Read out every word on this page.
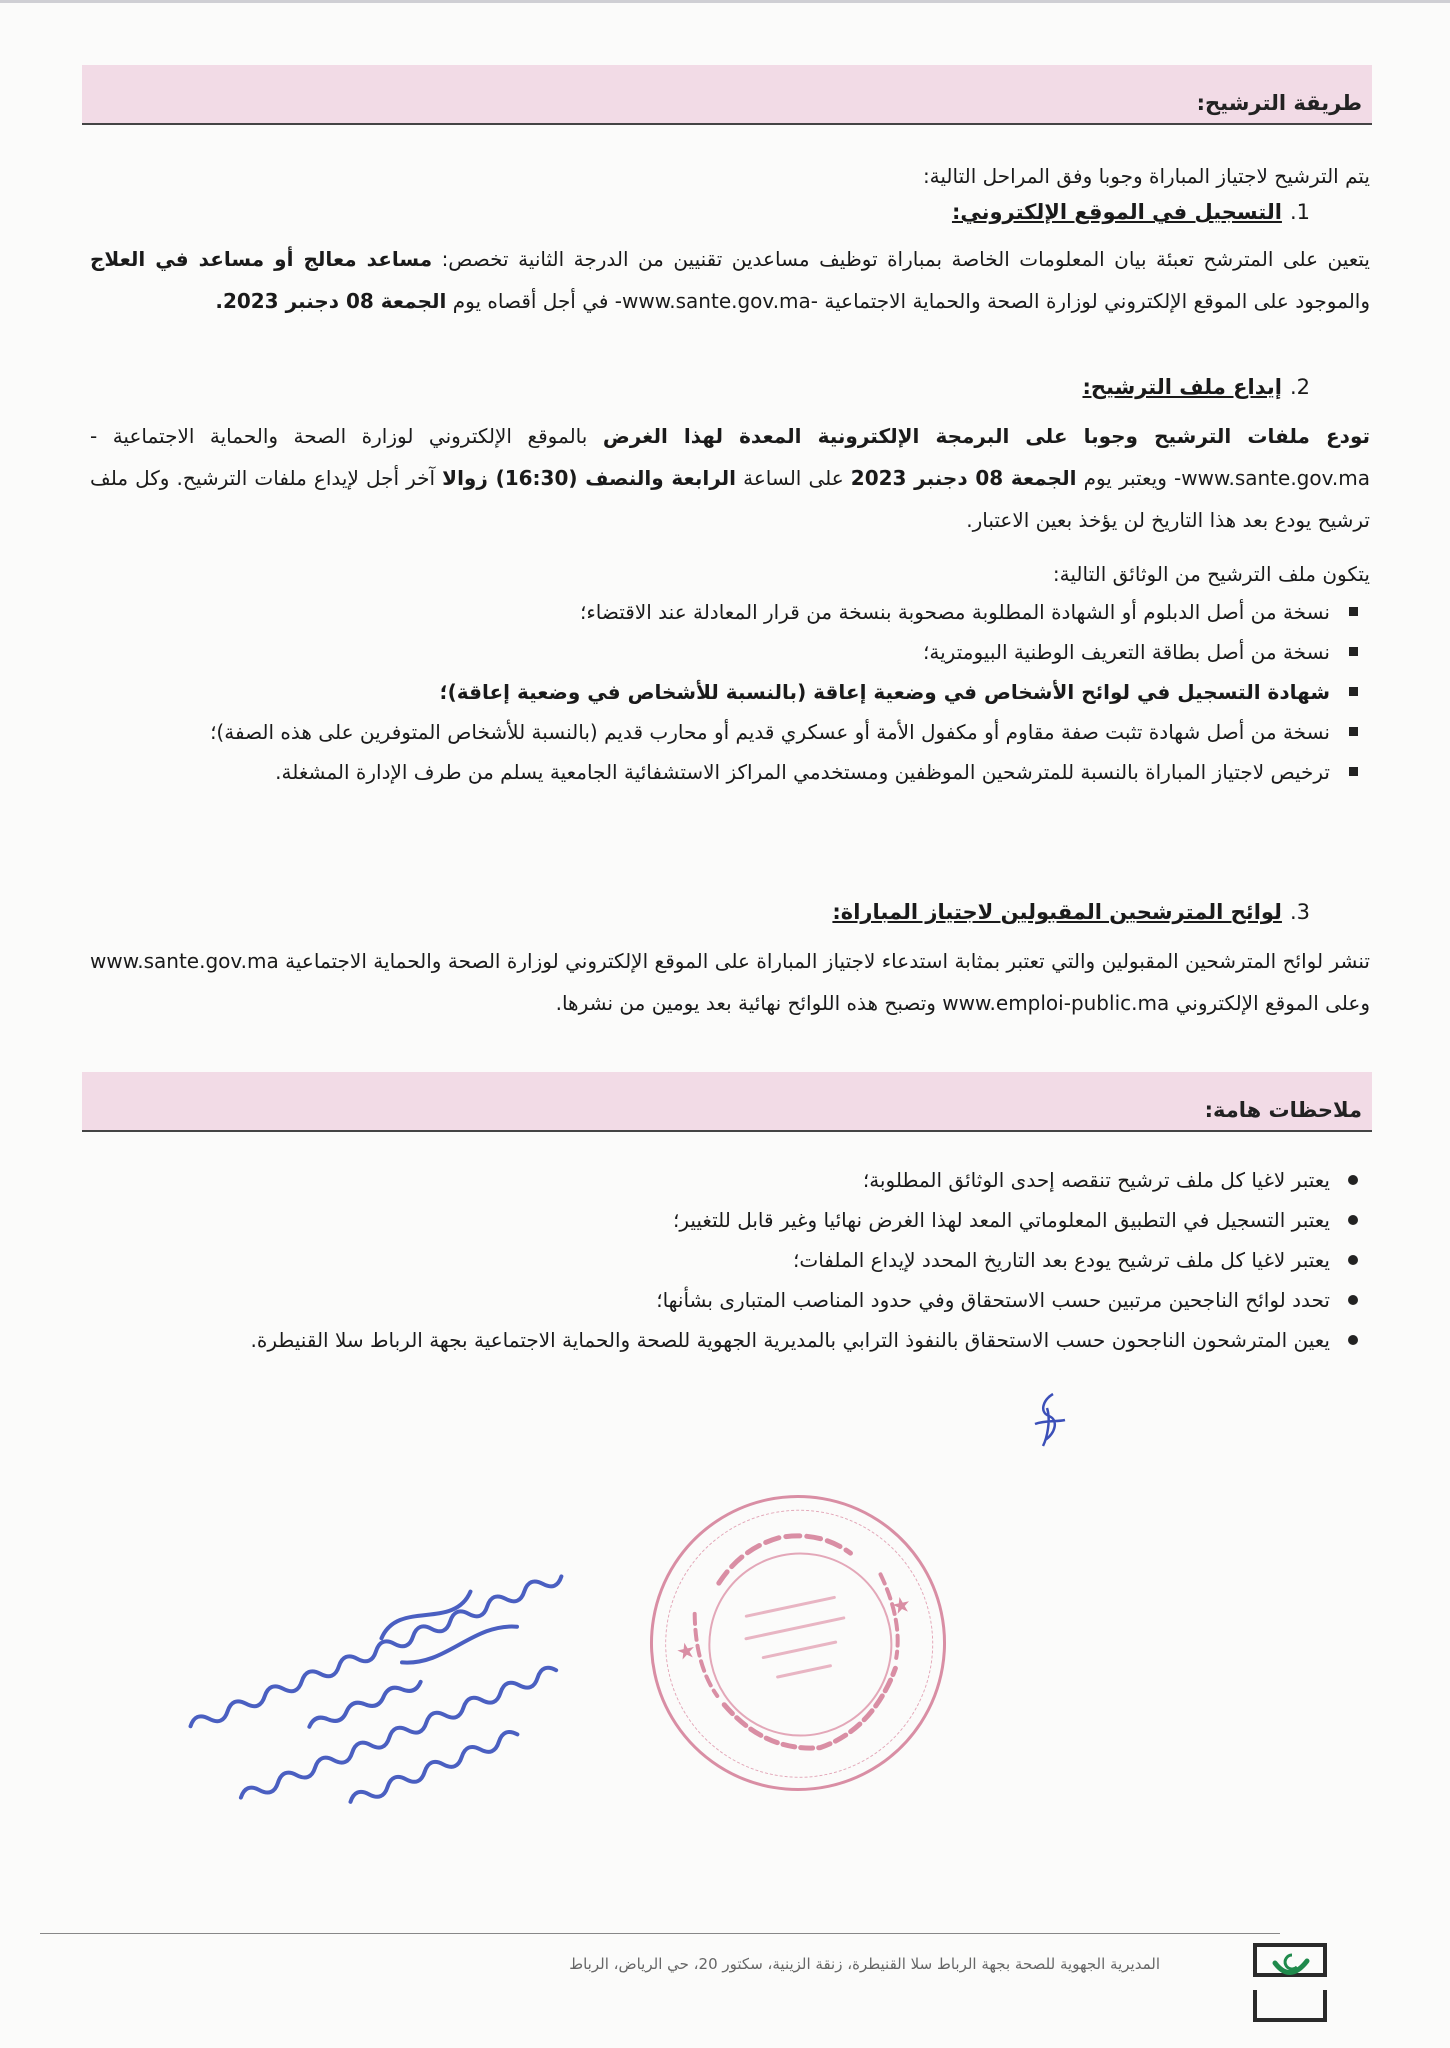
طريقة الترشيح:
يتم الترشيح لاجتياز المباراة وجوبا وفق المراحل التالية:
1.التسجيل في الموقع الإلكتروني:
يتعين على المترشح تعبئة بيان المعلومات الخاصة بمباراة توظيف مساعدين تقنيين من الدرجة الثانية تخصص: مساعد معالج أو مساعد في العلاج والموجود على الموقع الإلكتروني لوزارة الصحة والحماية الاجتماعية -www.sante.gov.ma- في أجل أقصاه يوم الجمعة 08 دجنبر 2023.
2.إيداع ملف الترشيح:
تودع ملفات الترشيح وجوبا على البرمجة الإلكترونية المعدة لهذا الغرض بالموقع الإلكتروني لوزارة الصحة والحماية الاجتماعية -www.sante.gov.ma- ويعتبر يوم الجمعة 08 دجنبر 2023 على الساعة الرابعة والنصف (16:30) زوالا آخر أجل لإيداع ملفات الترشيح. وكل ملف ترشيح يودع بعد هذا التاريخ لن يؤخذ بعين الاعتبار.
يتكون ملف الترشيح من الوثائق التالية:
نسخة من أصل الدبلوم أو الشهادة المطلوبة مصحوبة بنسخة من قرار المعادلة عند الاقتضاء؛
نسخة من أصل بطاقة التعريف الوطنية البيومترية؛
شهادة التسجيل في لوائح الأشخاص في وضعية إعاقة (بالنسبة للأشخاص في وضعية إعاقة)؛
نسخة من أصل شهادة تثبت صفة مقاوم أو مكفول الأمة أو عسكري قديم أو محارب قديم (بالنسبة للأشخاص المتوفرين على هذه الصفة)؛
ترخيص لاجتياز المباراة بالنسبة للمترشحين الموظفين ومستخدمي المراكز الاستشفائية الجامعية يسلم من طرف الإدارة المشغلة.
3.لوائح المترشحين المقبولين لاجتياز المباراة:
تنشر لوائح المترشحين المقبولين والتي تعتبر بمثابة استدعاء لاجتياز المباراة على الموقع الإلكتروني لوزارة الصحة والحماية الاجتماعية www.sante.gov.ma وعلى الموقع الإلكتروني www.emploi-public.ma وتصبح هذه اللوائح نهائية بعد يومين من نشرها.
ملاحظات هامة:
يعتبر لاغيا كل ملف ترشيح تنقصه إحدى الوثائق المطلوبة؛
يعتبر التسجيل في التطبيق المعلوماتي المعد لهذا الغرض نهائيا وغير قابل للتغيير؛
يعتبر لاغيا كل ملف ترشيح يودع بعد التاريخ المحدد لإيداع الملفات؛
تحدد لوائح الناجحين مرتبين حسب الاستحقاق وفي حدود المناصب المتبارى بشأنها؛
يعين المترشحون الناجحون حسب الاستحقاق بالنفوذ الترابي بالمديرية الجهوية للصحة والحماية الاجتماعية بجهة الرباط سلا القنيطرة.
★
★
المديرية الجهوية للصحة بجهة الرباط سلا القنيطرة، زنقة الزينية، سكتور 20، حي الرياض، الرباط
